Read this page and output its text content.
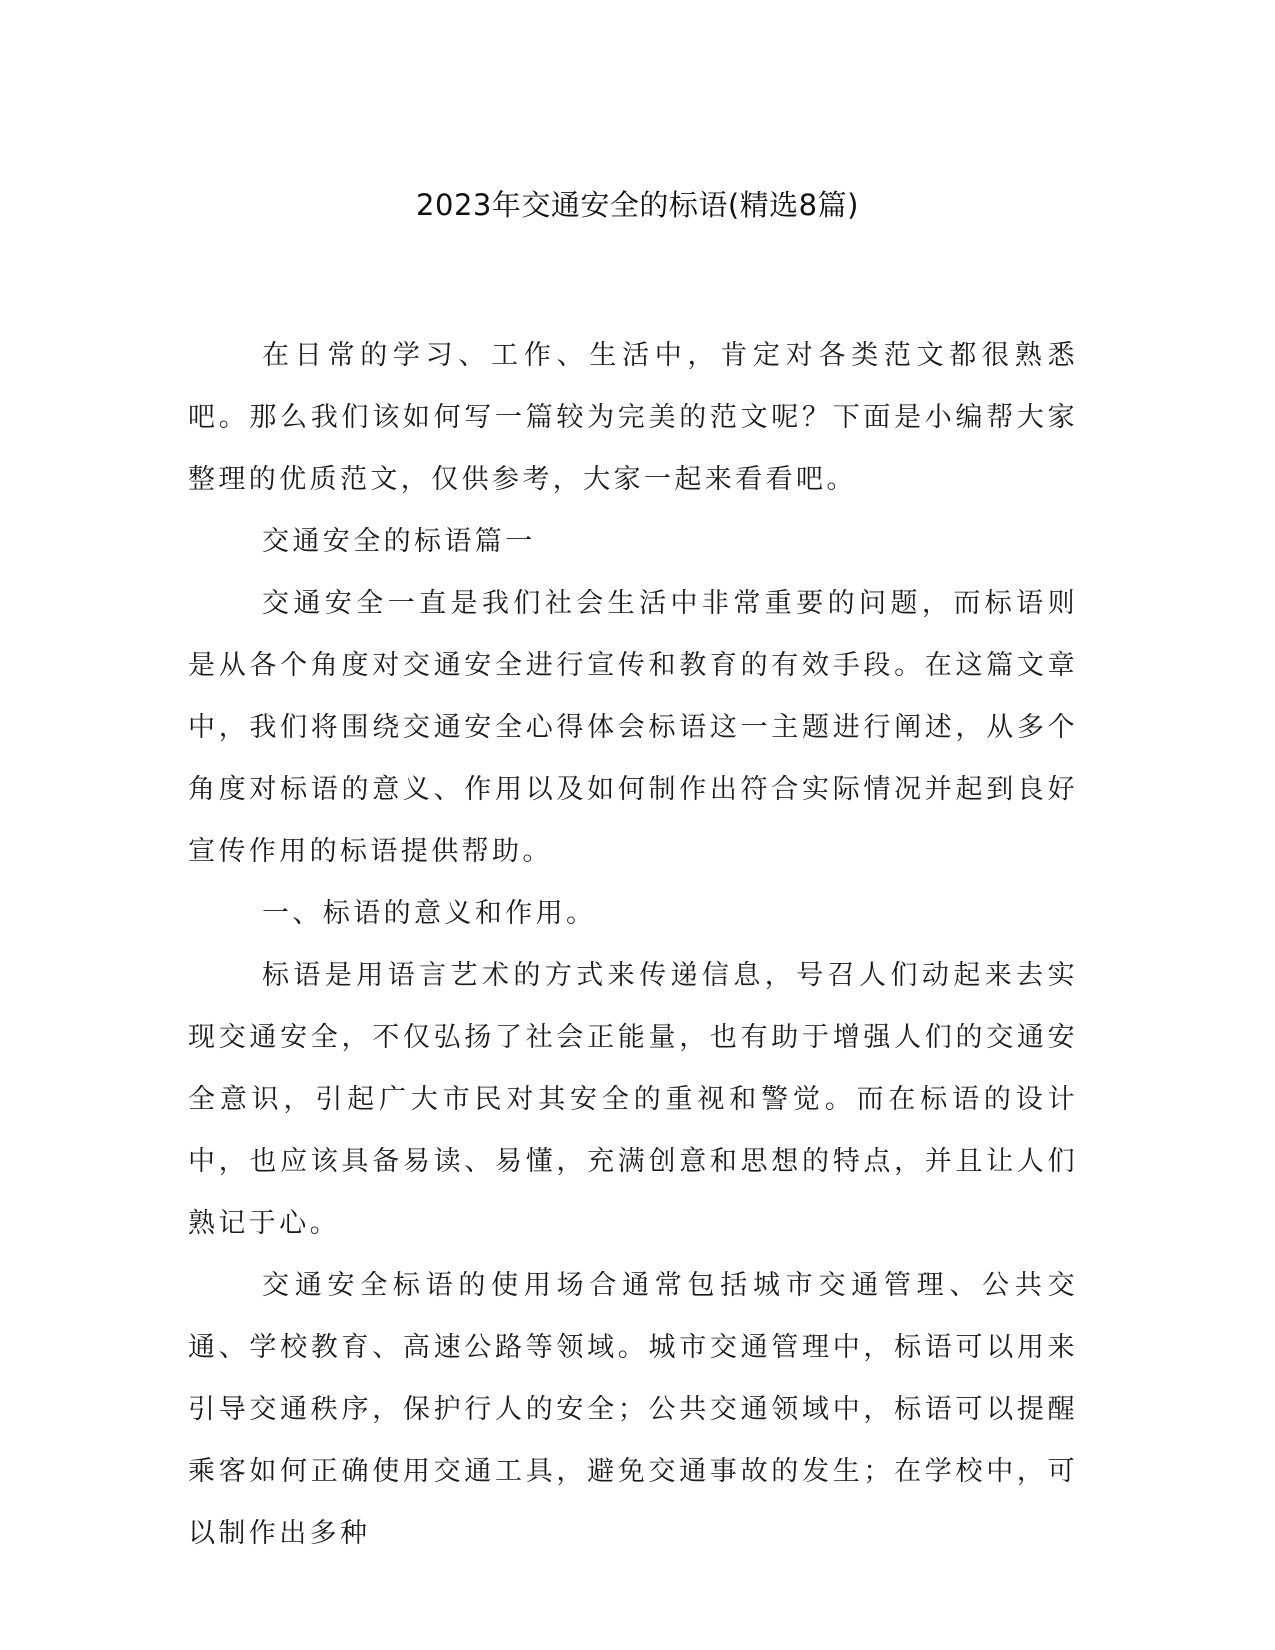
2023年交通安全的标语(精选8篇)

在日常的学习、工作、生活中，肯定对各类范文都很熟悉吧。那么我们该如何写一篇较为完美的范文呢？下面是小编帮大家整理的优质范文，仅供参考，大家一起来看看吧。

交通安全的标语篇一

交通安全一直是我们社会生活中非常重要的问题，而标语则是从各个角度对交通安全进行宣传和教育的有效手段。在这篇文章中，我们将围绕交通安全心得体会标语这一主题进行阐述，从多个角度对标语的意义、作用以及如何制作出符合实际情况并起到良好宣传作用的标语提供帮助。

一、标语的意义和作用。

标语是用语言艺术的方式来传递信息，号召人们动起来去实现交通安全，不仅弘扬了社会正能量，也有助于增强人们的交通安全意识，引起广大市民对其安全的重视和警觉。而在标语的设计中，也应该具备易读、易懂，充满创意和思想的特点，并且让人们熟记于心。

交通安全标语的使用场合通常包括城市交通管理、公共交通、学校教育、高速公路等领域。城市交通管理中，标语可以用来引导交通秩序，保护行人的安全；公共交通领域中，标语可以提醒乘客如何正确使用交通工具，避免交通事故的发生；在学校中，可以制作出多种
